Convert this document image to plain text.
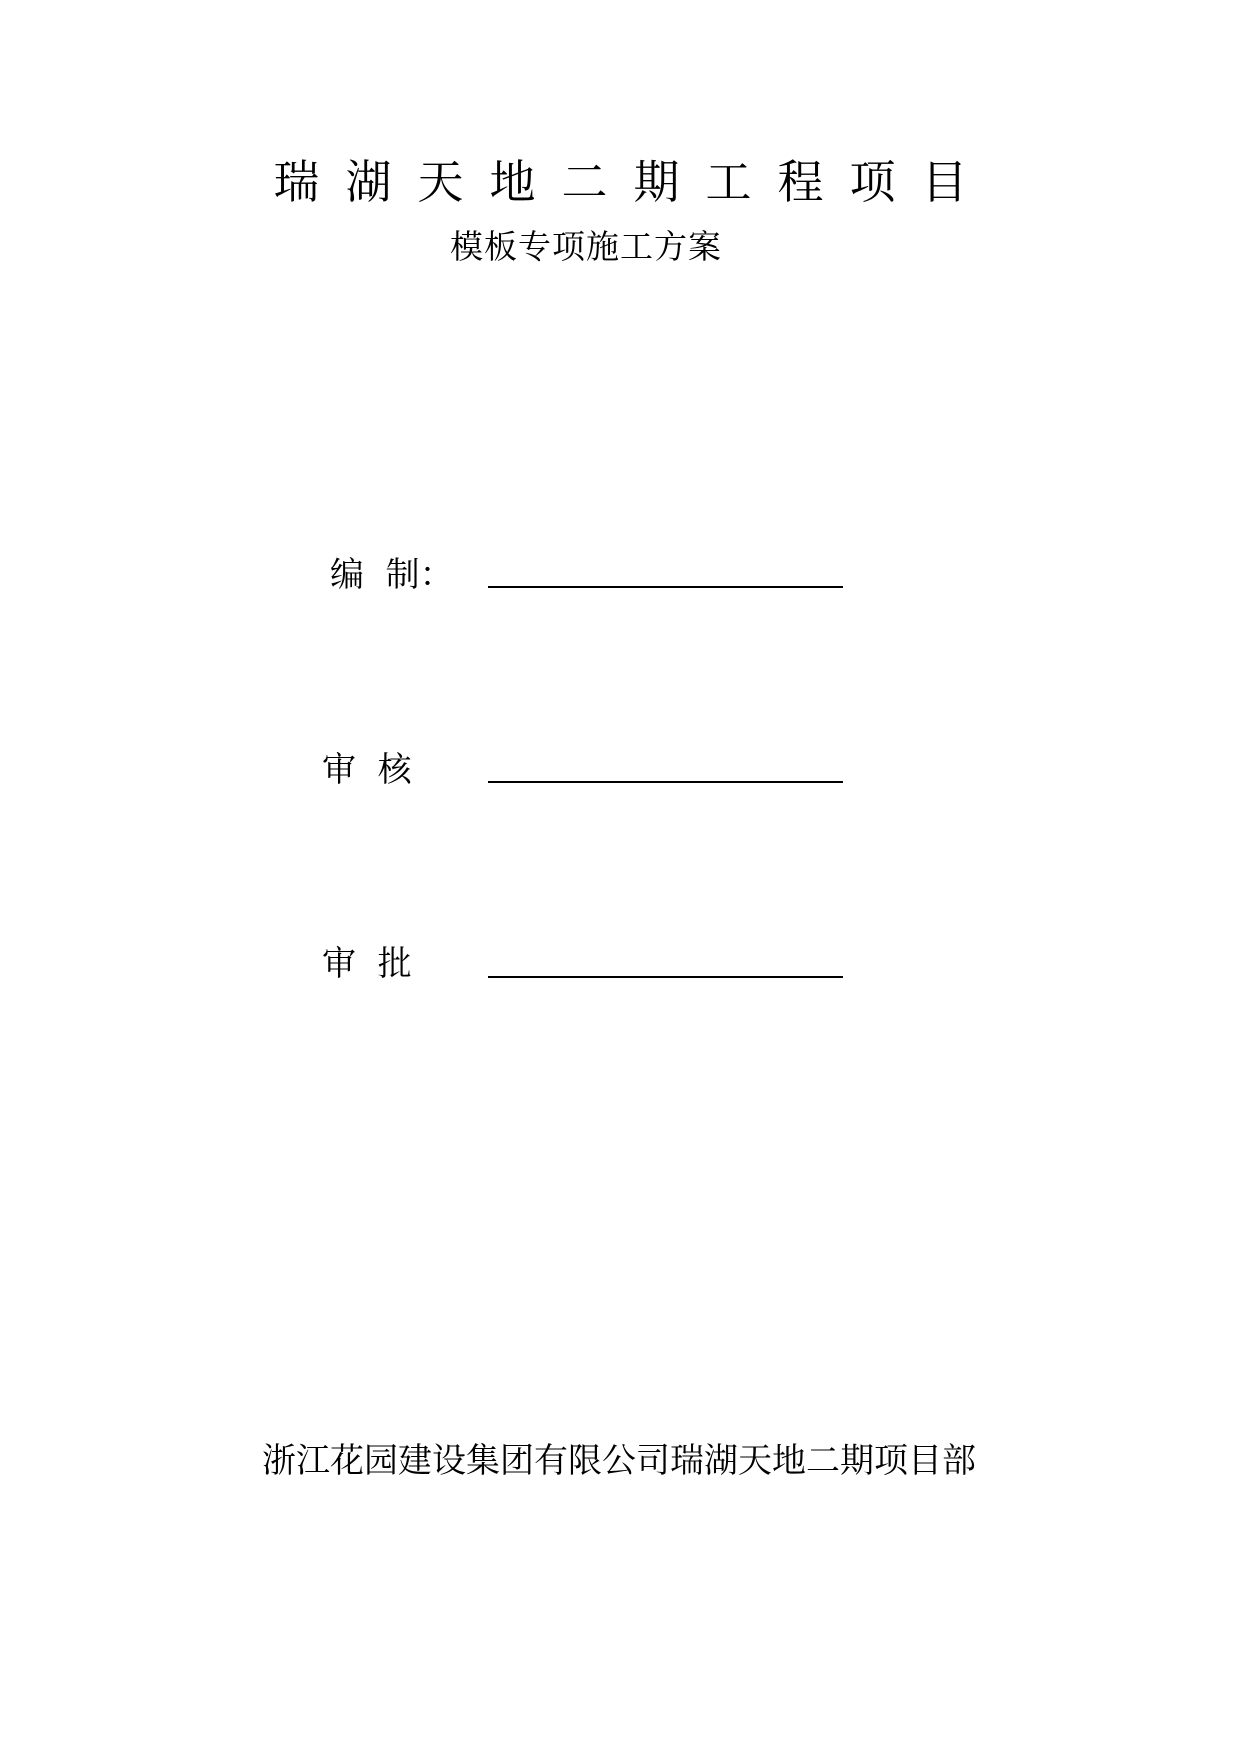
瑞湖天地二期工程项目
模板专项施工方案
编  制：
审  核
审  批
浙江花园建设集团有限公司瑞湖天地二期项目部
